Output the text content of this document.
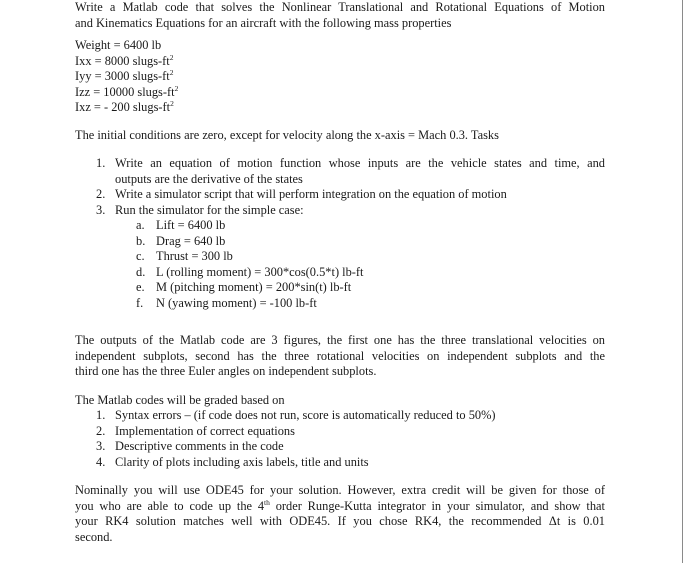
Write a Matlab code that solves the Nonlinear Translational and Rotational Equations of Motion
and Kinematics Equations for an aircraft with the following mass properties

Weight = 6400 lb
Ixx = 8000 slugs-$ft^2$
Iyy = 3000 slugs-$ft^2$
Izz = 10000 slugs-$ft^2$
Ixz = - 200 slugs-$ft^2$

The initial conditions are zero, except for velocity along the x-axis = Mach 0.3. Tasks

1. Write an equation of motion function whose inputs are the vehicle states and time, and
outputs are the derivative of the states
2. Write a simulator script that will perform integration on the equation of motion
3. Run the simulator for the simple case:
a. Lift = 6400 lb
b. Drag = 640 lb
c. Thrust = 300 lb
d. L (rolling moment) = 300*cos(0.5*t) lb-ft
e. M (pitching moment) = 200*sin(t) lb-ft
f. N (yawing moment) = -100 lb-ft

The outputs of the Matlab code are 3 figures, the first one has the three translational velocities on
independent subplots, second has the three rotational velocities on independent subplots and the
third one has the three Euler angles on independent subplots.

The Matlab codes will be graded based on
1. Syntax errors – (if code does not run, score is automatically reduced to 50%)
2. Implementation of correct equations
3. Descriptive comments in the code
4. Clarity of plots including axis labels, title and units

Nominally you will use ODE45 for your solution. However, extra credit will be given for those of
you who are able to code up the 4th order Runge-Kutta integrator in your simulator, and show that
your RK4 solution matches well with ODE45. If you chose RK4, the recommended Δt is 0.01
second.
